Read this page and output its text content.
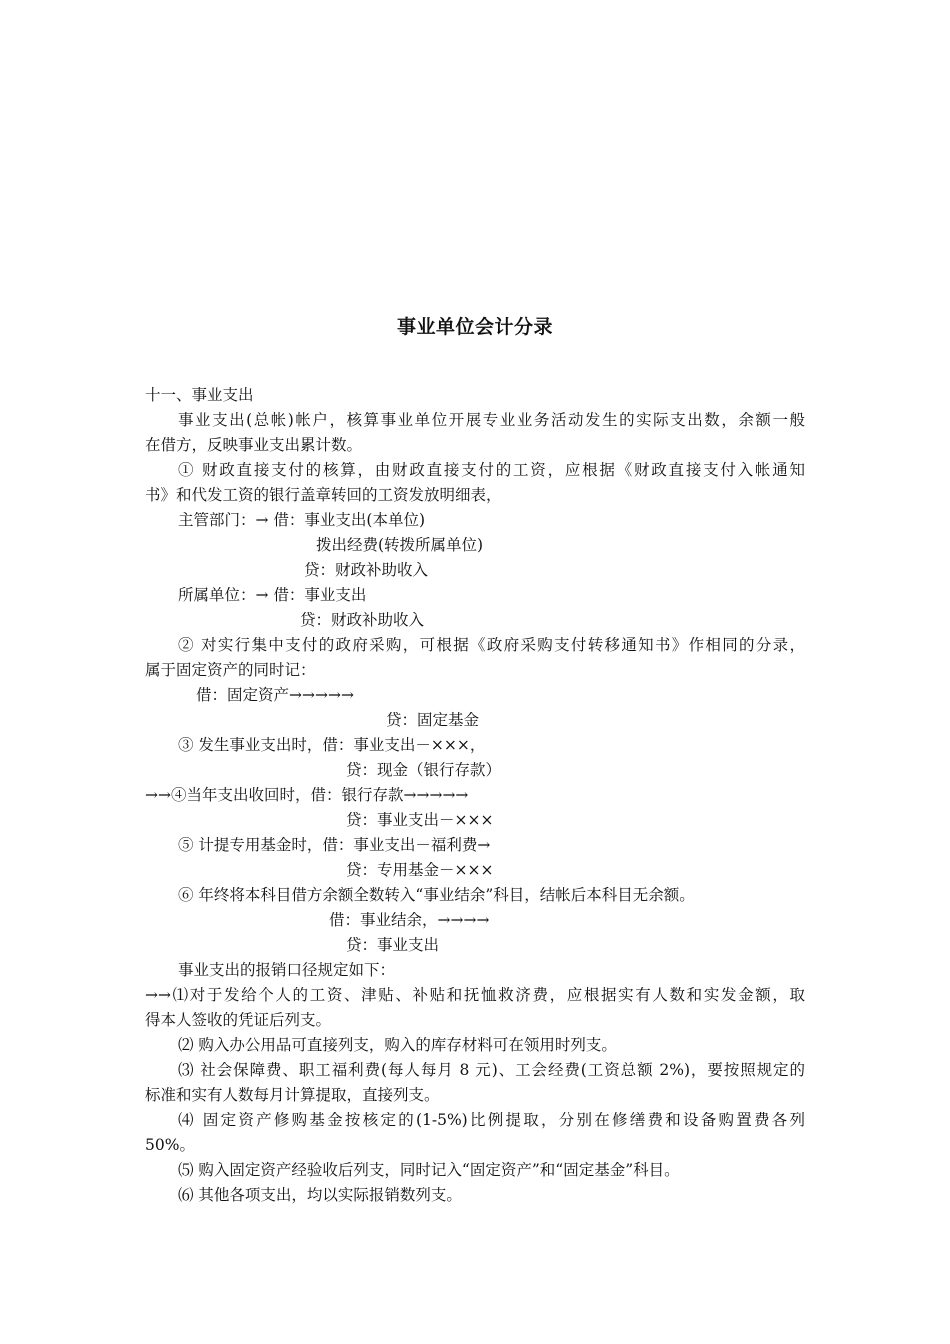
事业单位会计分录
十一、事业支出
事业支出(总帐)帐户，核算事业单位开展专业业务活动发生的实际支出数，余额一般
在借方，反映事业支出累计数。
① 财政直接支付的核算，由财政直接支付的工资，应根据《财政直接支付入帐通知
书》和代发工资的银行盖章转回的工资发放明细表，
主管部门：→ 借：事业支出(本单位)
拨出经费(转拨所属单位)
贷：财政补助收入
所属单位：→ 借：事业支出
贷：财政补助收入
② 对实行集中支付的政府采购，可根据《政府采购支付转移通知书》作相同的分录，
属于固定资产的同时记：
借：固定资产→→→→→
贷：固定基金
③ 发生事业支出时，借：事业支出－×××，
贷：现金（银行存款）
→→④当年支出收回时，借：银行存款→→→→→
贷：事业支出－×××
⑤ 计提专用基金时，借：事业支出－福利费→
贷：专用基金－×××
⑥ 年终将本科目借方余额全数转入“事业结余”科目，结帐后本科目无余额。
借：事业结余，→→→→
贷：事业支出
事业支出的报销口径规定如下：
→→⑴对于发给个人的工资、津贴、补贴和抚恤救济费，应根据实有人数和实发金额，取
得本人签收的凭证后列支。
⑵ 购入办公用品可直接列支，购入的库存材料可在领用时列支。
⑶ 社会保障费、职工福利费(每人每月 8 元)、工会经费(工资总额 2%)，要按照规定的
标准和实有人数每月计算提取，直接列支。
⑷ 固定资产修购基金按核定的(1-5%)比例提取，分别在修缮费和设备购置费各列
50%。
⑸ 购入固定资产经验收后列支，同时记入“固定资产”和“固定基金”科目。
⑹ 其他各项支出，均以实际报销数列支。
